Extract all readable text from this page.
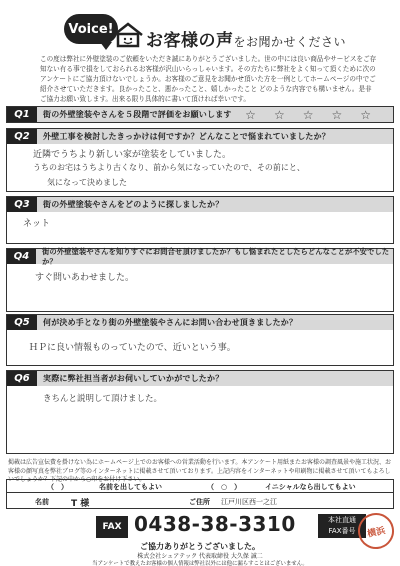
Voice!
お客様の声をお聞かせください
この度は弊社に外壁塗装のご依頼をいただき誠にありがとうございました。世の中には良い商品やサービスをご存知ない有る事で損をしておられるお客様が沢山いらっしゃいます。その方たちに弊社をよく知って頂くために次のアンケートにご協力頂けないでしょうか。お客様のご意見をお聞かせ頂いた方を一例としてホームページの中でご紹介させていただきます。良かったこと、悪かったこと、嬉しかったこと どのような内容でも構いません。是非ご協力お願い致します。出来る限り具体的に書いて頂ければ幸いです。
Q1	街の外壁塗装やさんを５段階で評価をお願いします ☆ ☆ ☆ ☆ ☆
Q2	外壁工事を検討したきっかけは何ですか？どんなことで悩まれていましたか？
近隣でうちより新しい家が塗装をしていました。
うちのお宅はうちより古くなり、前から気になっていたので、その前にと、
気になって決めました
Q3	街の外壁塗装やさんをどのように探しましたか？
ネット
Q4	街の外壁塗装やさんを知りすぐにお問合せ頂けましたか？もし悩まれたとしたらどんなことが不安でしたか？
すぐ問いあわせました。
Q5	何が決め手となり街の外壁塗装やさんにお問い合わせ頂きましたか？
ＨＰに良い情報ものっていたので、近いという事。
Q6	実際に弊社担当者がお伺いしていかがでしたか？
きちんと説明して頂けました。
掲載は広告宣伝費を掛けない為にホームページ上でのお客様への営業活動を行います。本アンケート用紙またお客様の調査風景や施工状況、お客様の顔写真を弊社ブログ等のインターネットに掲載させて頂いております。上記内容をインターネットや印刷物に掲載させて頂いてもよろしいでしょうか？下記の中から○印をお付け下さい。
（　）	名前を出してもよい	（　○　）	イニシャルなら出してもよい
名前 T 様	ご住所 江戸川区西一之江
FAX 0438-38-3310	本社直通
FAX番号
ご協力ありがとうございました。
株式会社シェアテック 代表取締役 大久保 誠二
当アンケートで教えたお客様の個人情報は弊社以外には他に漏らすことはございません。
横浜
